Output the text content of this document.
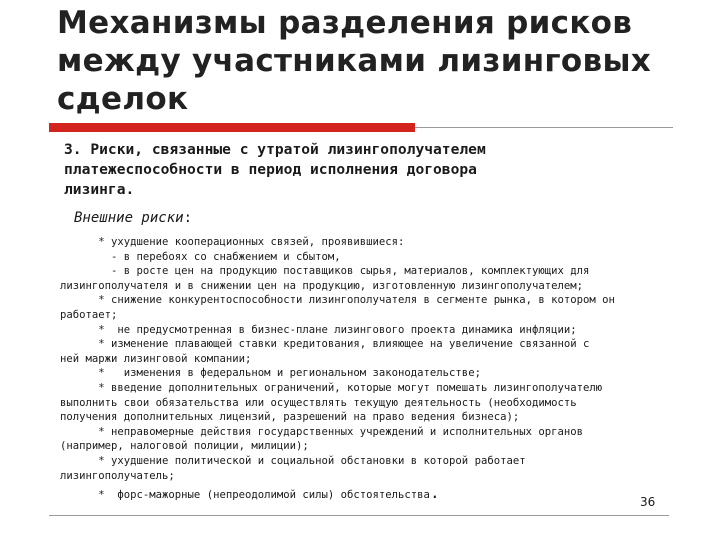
Механизмы разделения рисков
между участниками лизинговых
сделок
3. Риски, связанные с утратой лизингополучателем
платежеспособности в период исполнения договора
лизинга.
Внешние риски:
* ухудшение кооперационных связей, проявившиеся:
- в перебоях со снабжением и сбытом,
- в росте цен на продукцию поставщиков сырья, материалов, комплектующих для
лизингополучателя и в снижении цен на продукцию, изготовленную лизингополучателем;
* снижение конкурентоспособности лизингополучателя в сегменте рынка, в котором он
работает;
*  не предусмотренная в бизнес-плане лизингового проекта динамика инфляции;
* изменение плавающей ставки кредитования, влияющее на увеличение связанной с
ней маржи лизинговой компании;
*   изменения в федеральном и региональном законодательстве;
* введение дополнительных ограничений, которые могут помешать лизингополучателю
выполнить свои обязательства или осуществлять текущую деятельность (необходимость
получения дополнительных лицензий, разрешений на право ведения бизнеса);
* неправомерные действия государственных учреждений и исполнительных органов
(например, налоговой полиции, милиции);
* ухудшение политической и социальной обстановки в которой работает
лизингополучатель;
*  форс-мажорные (непреодолимой силы) обстоятельства.	36
